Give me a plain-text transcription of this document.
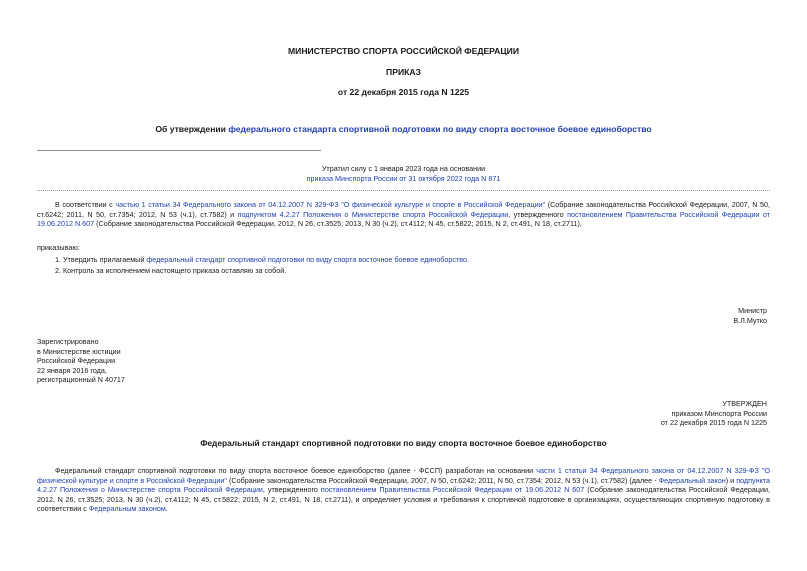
МИНИСТЕРСТВО СПОРТА РОССИЙСКОЙ ФЕДЕРАЦИИ
ПРИКАЗ
от 22 декабря 2015 года N 1225
Об утверждении федерального стандарта спортивной подготовки по виду спорта восточное боевое единоборство
Утратил силу с 1 января 2023 года на основании
приказа Минспорта России от 31 октября 2022 года N 871
В соответствии с частью 1 статьи 34 Федерального закона от 04.12.2007 N 329-ФЗ "О физической культуре и спорте в Российской Федерации" (Собрание законодательства Российской Федерации, 2007, N 50, ст.6242; 2011, N 50, ст.7354; 2012, N 53 (ч.1), ст.7582) и подпунктом 4.2.27 Положения о Министерстве спорта Российской Федерации, утвержденного постановлением Правительства Российской Федерации от 19.06.2012 N 607 (Собрание законодательства Российской Федерации, 2012, N 26, ст.3525; 2013, N 30 (ч.2), ст.4112; N 45, ст.5822; 2015, N 2, ст.491, N 18, ст.2711),
приказываю:
1. Утвердить прилагаемый федеральный стандарт спортивной подготовки по виду спорта восточное боевое единоборство.
2. Контроль за исполнением настоящего приказа оставляю за собой.
Министр
В.Л.Мутко
Зарегистрировано
в Министерстве юстиции
Российской Федерации
22 января 2016 года,
регистрационный N 40717
УТВЕРЖДЕН
приказом Минспорта России
от 22 декабря 2015 года N 1225
Федеральный стандарт спортивной подготовки по виду спорта восточное боевое единоборство
Федеральный стандарт спортивной подготовки по виду спорта восточное боевое единоборство (далее - ФССП) разработан на основании части 1 статьи 34 Федерального закона от 04.12.2007 N 329-ФЗ "О физической культуре и спорте в Российской Федерации" (Собрание законодательства Российской Федерации, 2007, N 50, ст.6242; 2011, N 50, ст.7354; 2012, N 53 (ч.1), ст.7582) (далее - Федеральный закон) и подпункта 4.2.27 Положения о Министерстве спорта Российской Федерации, утвержденного постановлением Правительства Российской Федерации от 19.06.2012 N 607 (Собрание законодательства Российской Федерации, 2012, N 26, ст.3525; 2013, N 30 (ч.2), ст.4112; N 45, ст.5822; 2015, N 2, ст.491, N 18, ст.2711), и определяет условия и требования к спортивной подготовке в организациях, осуществляющих спортивную подготовку в соответствии с Федеральным законом.
